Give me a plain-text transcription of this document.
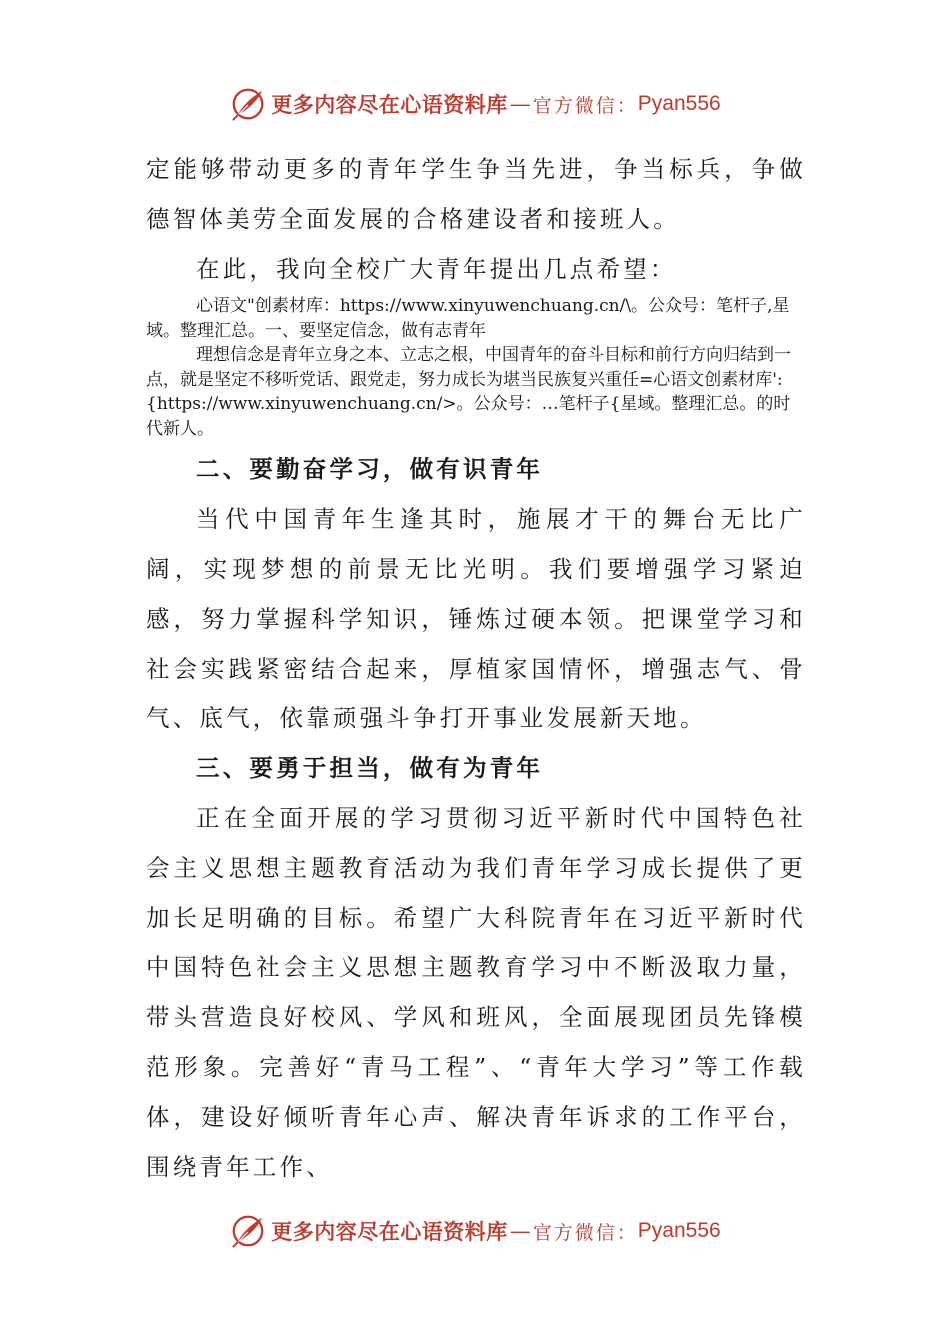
更多内容尽在心语资料库 — 官方微信： Pyan556

定能够带动更多的青年学生争当先进，争当标兵，争做德智体美劳全面发展的合格建设者和接班人。

在此，我向全校广大青年提出几点希望：

心语文"创素材库：https://www.xinyuwenchuang.cn/\。公众号：笔杆子,星域。整理汇总。一、要坚定信念，做有志青年

理想信念是青年立身之本、立志之根，中国青年的奋斗目标和前行方向归结到一点，就是坚定不移听党话、跟党走，努力成长为堪当民族复兴重任=心语文创素材库':{https://www.xinyuwenchuang.cn/>。公众号：…笔杆子{星域。整理汇总。的时代新人。

二、要勤奋学习，做有识青年

当代中国青年生逢其时，施展才干的舞台无比广阔，实现梦想的前景无比光明。我们要增强学习紧迫感，努力掌握科学知识，锤炼过硬本领。把课堂学习和社会实践紧密结合起来，厚植家国情怀，增强志气、骨气、底气，依靠顽强斗争打开事业发展新天地。

三、要勇于担当，做有为青年

正在全面开展的学习贯彻习近平新时代中国特色社会主义思想主题教育活动为我们青年学习成长提供了更加长足明确的目标。希望广大科院青年在习近平新时代中国特色社会主义思想主题教育学习中不断汲取力量，带头营造良好校风、学风和班风，全面展现团员先锋模范形象。完善好“青马工程”、“青年大学习”等工作载体，建设好倾听青年心声、解决青年诉求的工作平台，围绕青年工作、

更多内容尽在心语资料库 — 官方微信： Pyan556
